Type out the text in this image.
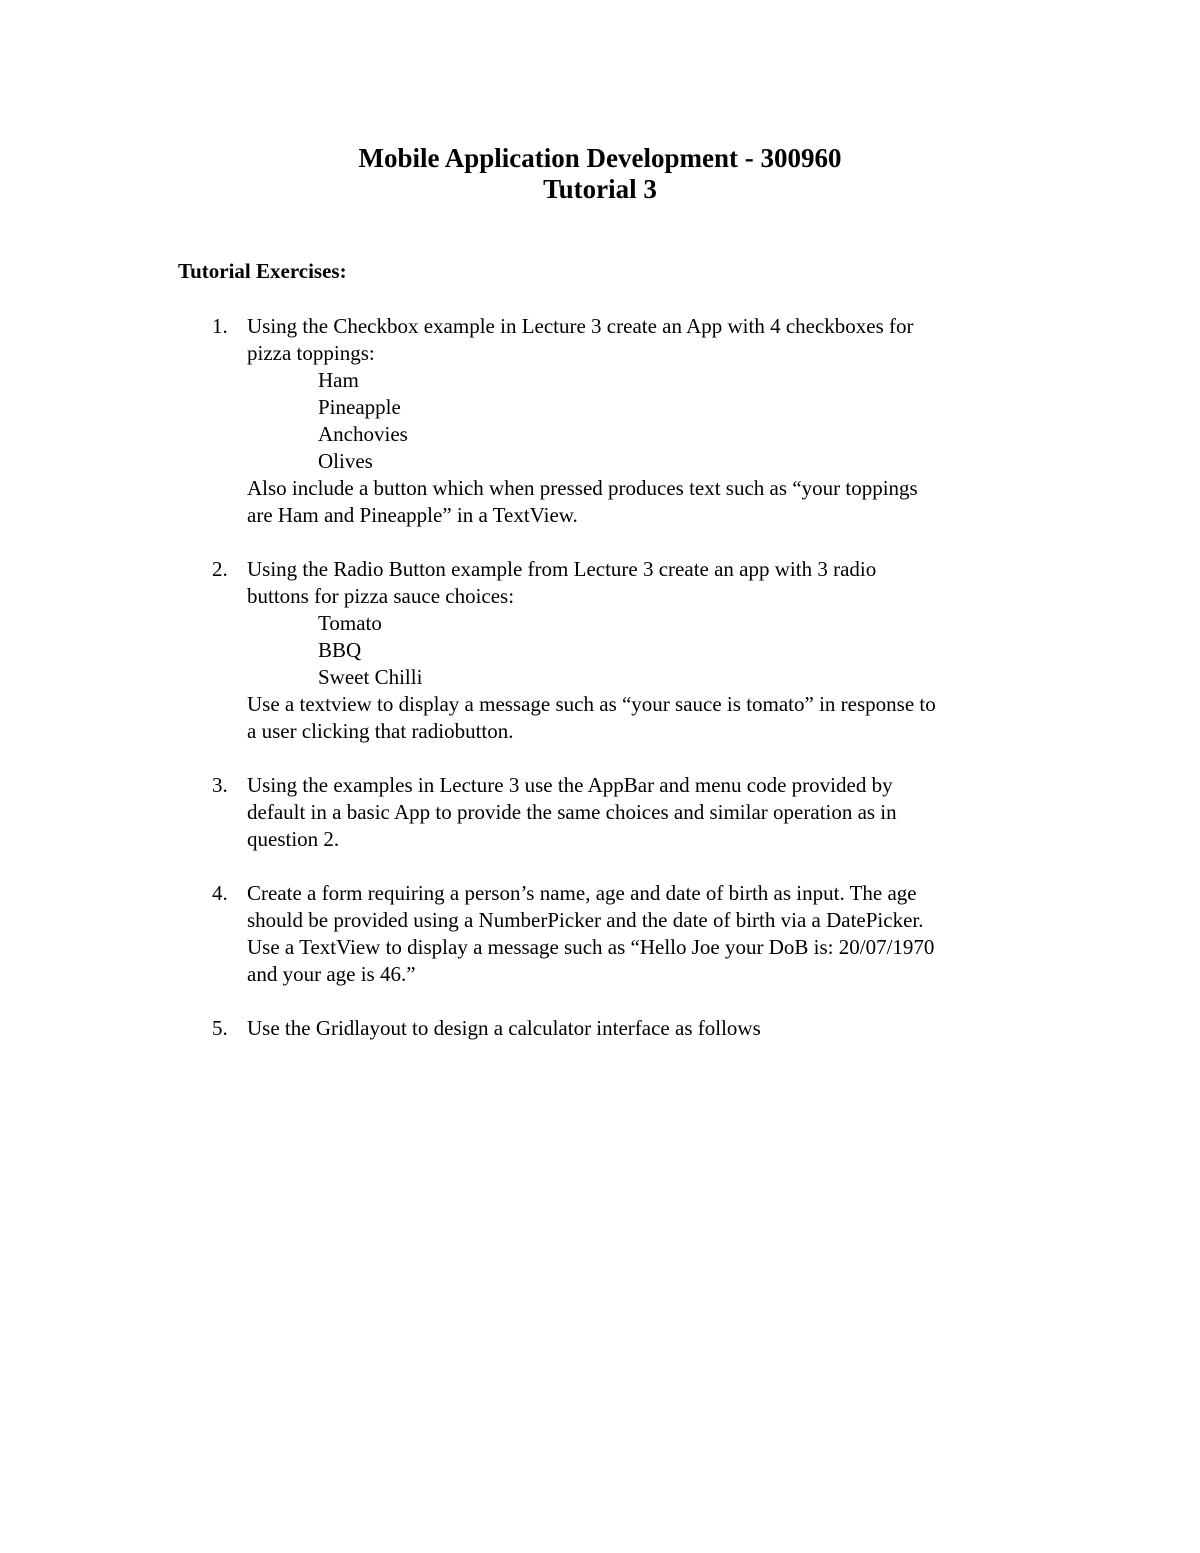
Mobile Application Development - 300960
Tutorial 3
Tutorial Exercises:
1. Using the Checkbox example in Lecture 3 create an App with 4 checkboxes for
pizza toppings:
Ham
Pineapple
Anchovies
Olives
Also include a button which when pressed produces text such as “your toppings
are Ham and Pineapple” in a TextView.
2. Using the Radio Button example from Lecture 3 create an app with 3 radio
buttons for pizza sauce choices:
Tomato
BBQ
Sweet Chilli
Use a textview to display a message such as “your sauce is tomato” in response to
a user clicking that radiobutton.
3. Using the examples in Lecture 3 use the AppBar and menu code provided by
default in a basic App to provide the same choices and similar operation as in
question 2.
4. Create a form requiring a person’s name, age and date of birth as input. The age
should be provided using a NumberPicker and the date of birth via a DatePicker.
Use a TextView to display a message such as “Hello Joe your DoB is: 20/07/1970
and your age is 46.”
5. Use the Gridlayout to design a calculator interface as follows
